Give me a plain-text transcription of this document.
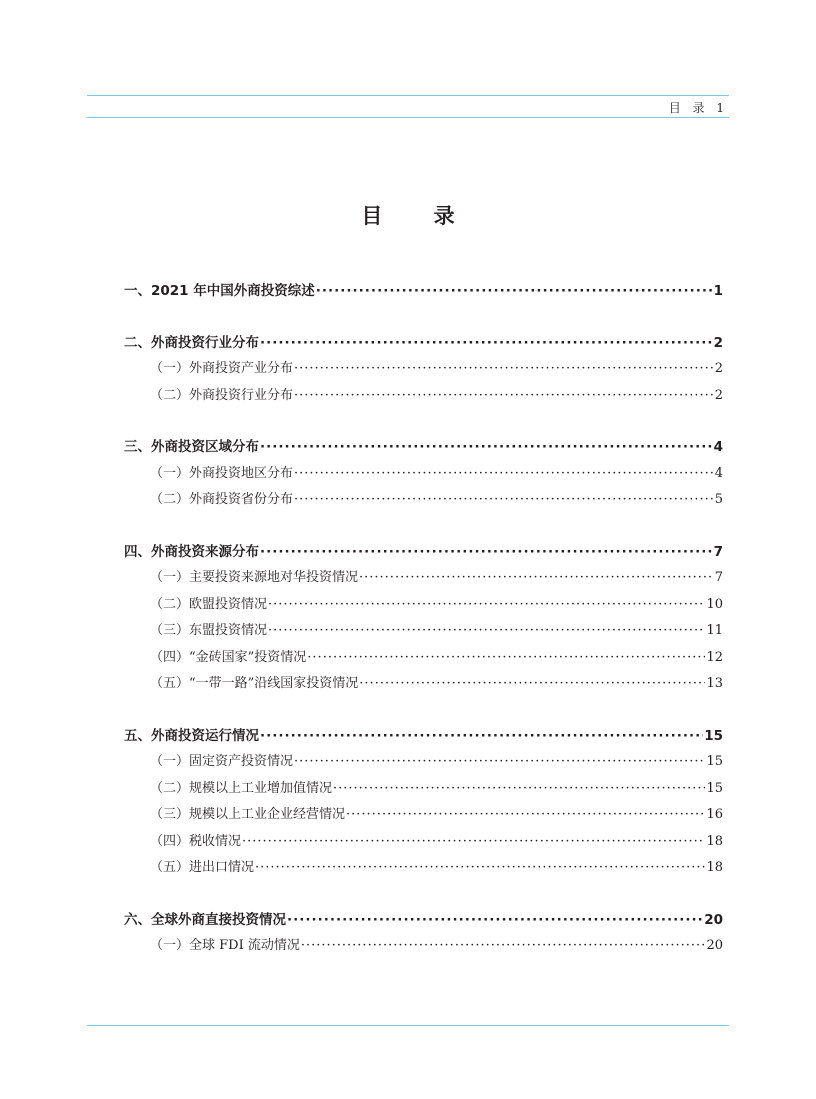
目 录 1
目 录
一、2021 年中国外商投资综述 ·····	1
二、外商投资行业分布 ·····	2
（一）外商投资产业分布 ·····	2
（二）外商投资行业分布 ·····	2
三、外商投资区域分布 ·····	4
（一）外商投资地区分布 ·····	4
（二）外商投资省份分布 ·····	5
四、外商投资来源分布 ·····	7
（一）主要投资来源地对华投资情况 ·····	7
（二）欧盟投资情况 ·····	10
（三）东盟投资情况 ·····	11
（四）“金砖国家”投资情况 ·····	12
（五）“一带一路”沿线国家投资情况 ·····	13
五、外商投资运行情况 ·····	15
（一）固定资产投资情况 ·····	15
（二）规模以上工业增加值情况 ·····	15
（三）规模以上工业企业经营情况 ·····	16
（四）税收情况 ·····	18
（五）进出口情况 ·····	18
六、全球外商直接投资情况 ·····	20
（一）全球 FDI 流动情况 ·····	20
